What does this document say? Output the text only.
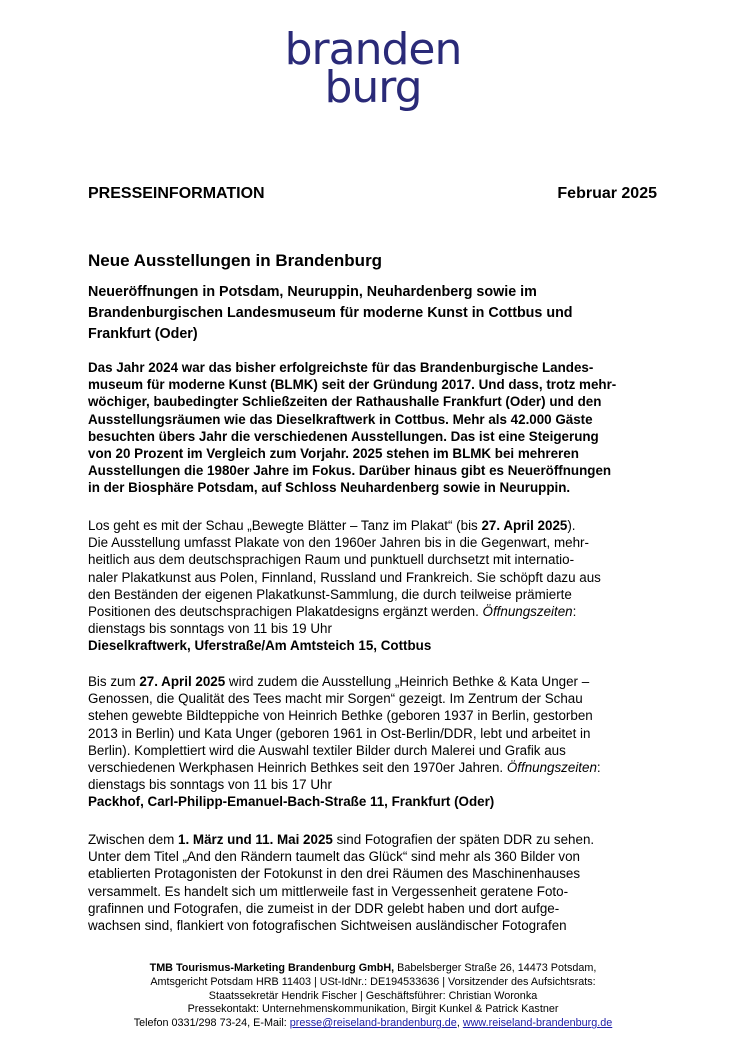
branden
burg
PRESSEINFORMATION	Februar 2025
Neue Ausstellungen in Brandenburg
Neueröffnungen in Potsdam, Neuruppin, Neuhardenberg sowie im
Brandenburgischen Landesmuseum für moderne Kunst in Cottbus und
Frankfurt (Oder)
Das Jahr 2024 war das bisher erfolgreichste für das Brandenburgische Landes-
museum für moderne Kunst (BLMK) seit der Gründung 2017. Und dass, trotz mehr-
wöchiger, baubedingter Schließzeiten der Rathaushalle Frankfurt (Oder) und den
Ausstellungsräumen wie das Dieselkraftwerk in Cottbus. Mehr als 42.000 Gäste
besuchten übers Jahr die verschiedenen Ausstellungen. Das ist eine Steigerung
von 20 Prozent im Vergleich zum Vorjahr. 2025 stehen im BLMK bei mehreren
Ausstellungen die 1980er Jahre im Fokus. Darüber hinaus gibt es Neueröffnungen
in der Biosphäre Potsdam, auf Schloss Neuhardenberg sowie in Neuruppin.
Los geht es mit der Schau „Bewegte Blätter – Tanz im Plakat“ (bis 27. April 2025).
Die Ausstellung umfasst Plakate von den 1960er Jahren bis in die Gegenwart, mehr-
heitlich aus dem deutschsprachigen Raum und punktuell durchsetzt mit internatio-
naler Plakatkunst aus Polen, Finnland, Russland und Frankreich. Sie schöpft dazu aus
den Beständen der eigenen Plakatkunst-Sammlung, die durch teilweise prämierte
Positionen des deutschsprachigen Plakatdesigns ergänzt werden. Öffnungszeiten:
dienstags bis sonntags von 11 bis 19 Uhr
Dieselkraftwerk, Uferstraße/Am Amtsteich 15, Cottbus
Bis zum 27. April 2025 wird zudem die Ausstellung „Heinrich Bethke & Kata Unger –
Genossen, die Qualität des Tees macht mir Sorgen“ gezeigt. Im Zentrum der Schau
stehen gewebte Bildteppiche von Heinrich Bethke (geboren 1937 in Berlin, gestorben
2013 in Berlin) und Kata Unger (geboren 1961 in Ost-Berlin/DDR, lebt und arbeitet in
Berlin). Komplettiert wird die Auswahl textiler Bilder durch Malerei und Grafik aus
verschiedenen Werkphasen Heinrich Bethkes seit den 1970er Jahren. Öffnungszeiten:
dienstags bis sonntags von 11 bis 17 Uhr
Packhof, Carl-Philipp-Emanuel-Bach-Straße 11, Frankfurt (Oder)
Zwischen dem 1. März und 11. Mai 2025 sind Fotografien der späten DDR zu sehen.
Unter dem Titel „And den Rändern taumelt das Glück“ sind mehr als 360 Bilder von
etablierten Protagonisten der Fotokunst in den drei Räumen des Maschinenhauses
versammelt. Es handelt sich um mittlerweile fast in Vergessenheit geratene Foto-
grafinnen und Fotografen, die zumeist in der DDR gelebt haben und dort aufge-
wachsen sind, flankiert von fotografischen Sichtweisen ausländischer Fotografen
TMB Tourismus-Marketing Brandenburg GmbH, Babelsberger Straße 26, 14473 Potsdam,
Amtsgericht Potsdam HRB 11403 | USt-IdNr.: DE194533636 | Vorsitzender des Aufsichtsrats:
Staatssekretär Hendrik Fischer | Geschäftsführer: Christian Woronka
Pressekontakt: Unternehmenskommunikation, Birgit Kunkel & Patrick Kastner
Telefon 0331/298 73-24, E-Mail: presse@reiseland-brandenburg.de, www.reiseland-brandenburg.de
